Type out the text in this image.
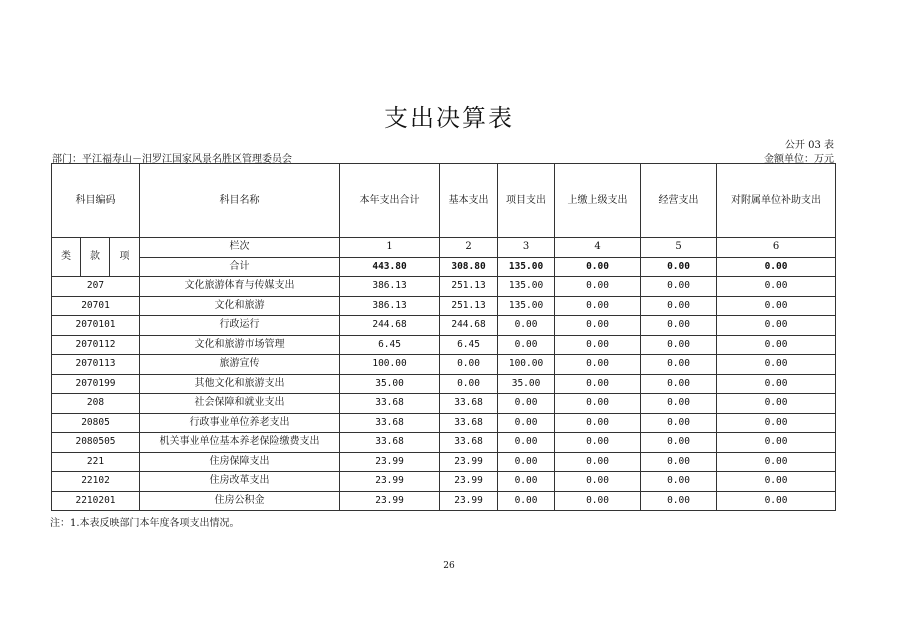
支出决算表
公开 03 表
部门：平江福寿山－汨罗江国家风景名胜区管理委员会	金额单位：万元
科目编码			科目名称	本年支出合计	基本支出	项目支出	上缴上级支出	经营支出	对附属单位补助支出
类	款	项	栏次	1	2	3	4	5	6
			合计	443.80	308.80	135.00	0.00	0.00	0.00
207			文化旅游体育与传媒支出	386.13	251.13	135.00	0.00	0.00	0.00
20701			文化和旅游	386.13	251.13	135.00	0.00	0.00	0.00
2070101			行政运行	244.68	244.68	0.00	0.00	0.00	0.00
2070112			文化和旅游市场管理	6.45	6.45	0.00	0.00	0.00	0.00
2070113			旅游宣传	100.00	0.00	100.00	0.00	0.00	0.00
2070199			其他文化和旅游支出	35.00	0.00	35.00	0.00	0.00	0.00
208			社会保障和就业支出	33.68	33.68	0.00	0.00	0.00	0.00
20805			行政事业单位养老支出	33.68	33.68	0.00	0.00	0.00	0.00
2080505			机关事业单位基本养老保险缴费支出	33.68	33.68	0.00	0.00	0.00	0.00
221			住房保障支出	23.99	23.99	0.00	0.00	0.00	0.00
22102			住房改革支出	23.99	23.99	0.00	0.00	0.00	0.00
2210201			住房公积金	23.99	23.99	0.00	0.00	0.00	0.00
注：1.本表反映部门本年度各项支出情况。
26
